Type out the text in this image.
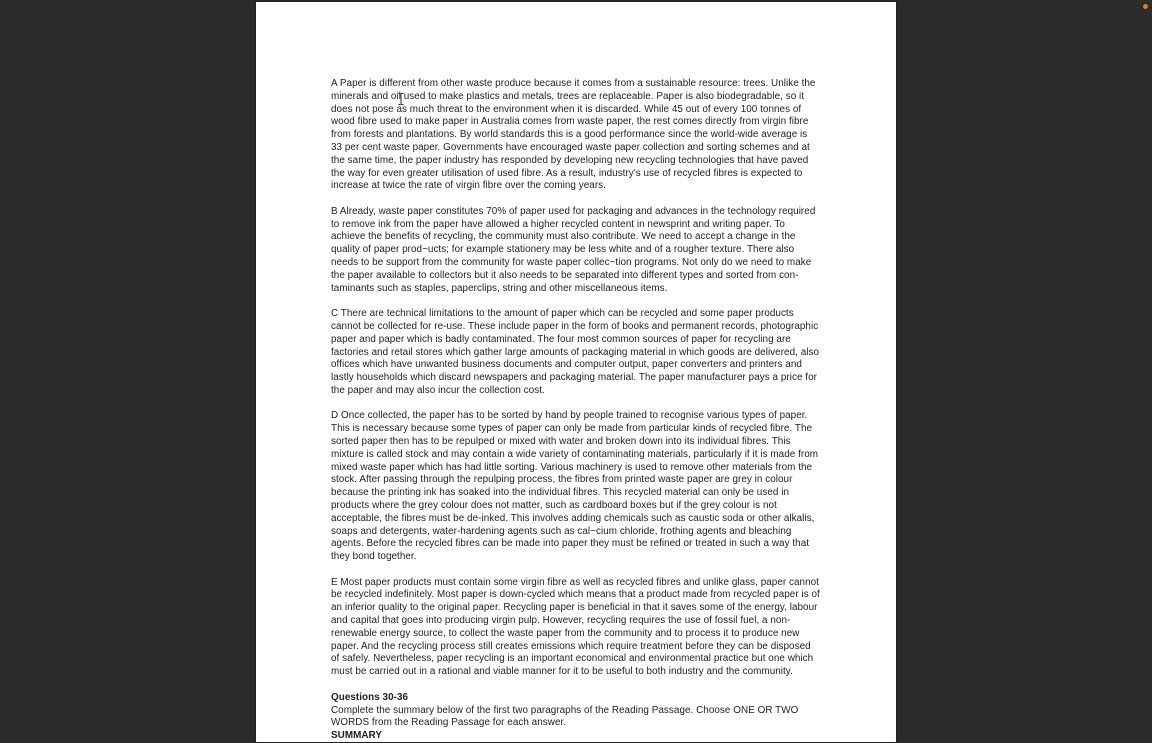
A Paper is different from other waste produce because it comes from a sustainable resource: trees. Unlike the minerals and oil used to make plastics and metals, trees are replaceable. Paper is also biodegradable, so it does not pose as much threat to the environment when it is discarded. While 45 out of every 100 tonnes of wood fibre used to make paper in Australia comes from waste paper, the rest comes directly from virgin fibre from forests and plantations. By world standards this is a good performance since the world-wide average is 33 per cent waste paper. Governments have encouraged waste paper collection and sorting schemes and at the same time, the paper industry has responded by developing new recycling technologies that have paved the way for even greater utilisation of used fibre. As a result, industry's use of recycled fibres is expected to increase at twice the rate of virgin fibre over the coming years.

B Already, waste paper constitutes 70% of paper used for packaging and advances in the technology required to remove ink from the paper have allowed a higher recycled content in newsprint and writing paper. To achieve the benefits of recycling, the community must also contribute. We need to accept a change in the quality of paper prod~ucts; for example stationery may be less white and of a rougher texture. There also needs to be support from the community for waste paper collec~tion programs. Not only do we need to make the paper available to collectors but it also needs to be separated into different types and sorted from con-taminants such as staples, paperclips, string and other miscellaneous items.

C There are technical limitations to the amount of paper which can be recycled and some paper products cannot be collected for re-use. These include paper in the form of books and permanent records, photographic paper and paper which is badly contaminated. The four most common sources of paper for recycling are factories and retail stores which gather large amounts of packaging material in which goods are delivered, also offices which have unwanted business documents and computer output, paper converters and printers and lastly households which discard newspapers and packaging material. The paper manufacturer pays a price for the paper and may also incur the collection cost.

D Once collected, the paper has to be sorted by hand by people trained to recognise various types of paper. This is necessary because some types of paper can only be made from particular kinds of recycled fibre. The sorted paper then has to be repulped or mixed with water and broken down into its individual fibres. This mixture is called stock and may contain a wide variety of contaminating materials, particularly if it is made from mixed waste paper which has had little sorting. Various machinery is used to remove other materials from the stock. After passing through the repulping process, the fibres from printed waste paper are grey in colour because the printing ink has soaked into the individual fibres. This recycled material can only be used in products where the grey colour does not matter, such as cardboard boxes but if the grey colour is not acceptable, the fibres must be de-inked. This involves adding chemicals such as caustic soda or other alkalis, soaps and detergents, water-hardening agents such as cal~cium chloride, frothing agents and bleaching agents. Before the recycled fibres can be made into paper they must be refined or treated in such a way that they bond together.

E Most paper products must contain some virgin fibre as well as recycled fibres and unlike glass, paper cannot be recycled indefinitely. Most paper is down-cycled which means that a product made from recycled paper is of an inferior quality to the original paper. Recycling paper is beneficial in that it saves some of the energy, labour and capital that goes into producing virgin pulp. However, recycling requires the use of fossil fuel, a non-renewable energy source, to collect the waste paper from the community and to process it to produce new paper. And the recycling process still creates emissions which require treatment before they can be disposed of safely. Nevertheless, paper recycling is an important economical and environmental practice but one which must be carried out in a rational and viable manner for it to be useful to both industry and the community.

Questions 30-36

Complete the summary below of the first two paragraphs of the Reading Passage. Choose ONE OR TWO

WORDS from the Reading Passage for each answer.

SUMMARY
